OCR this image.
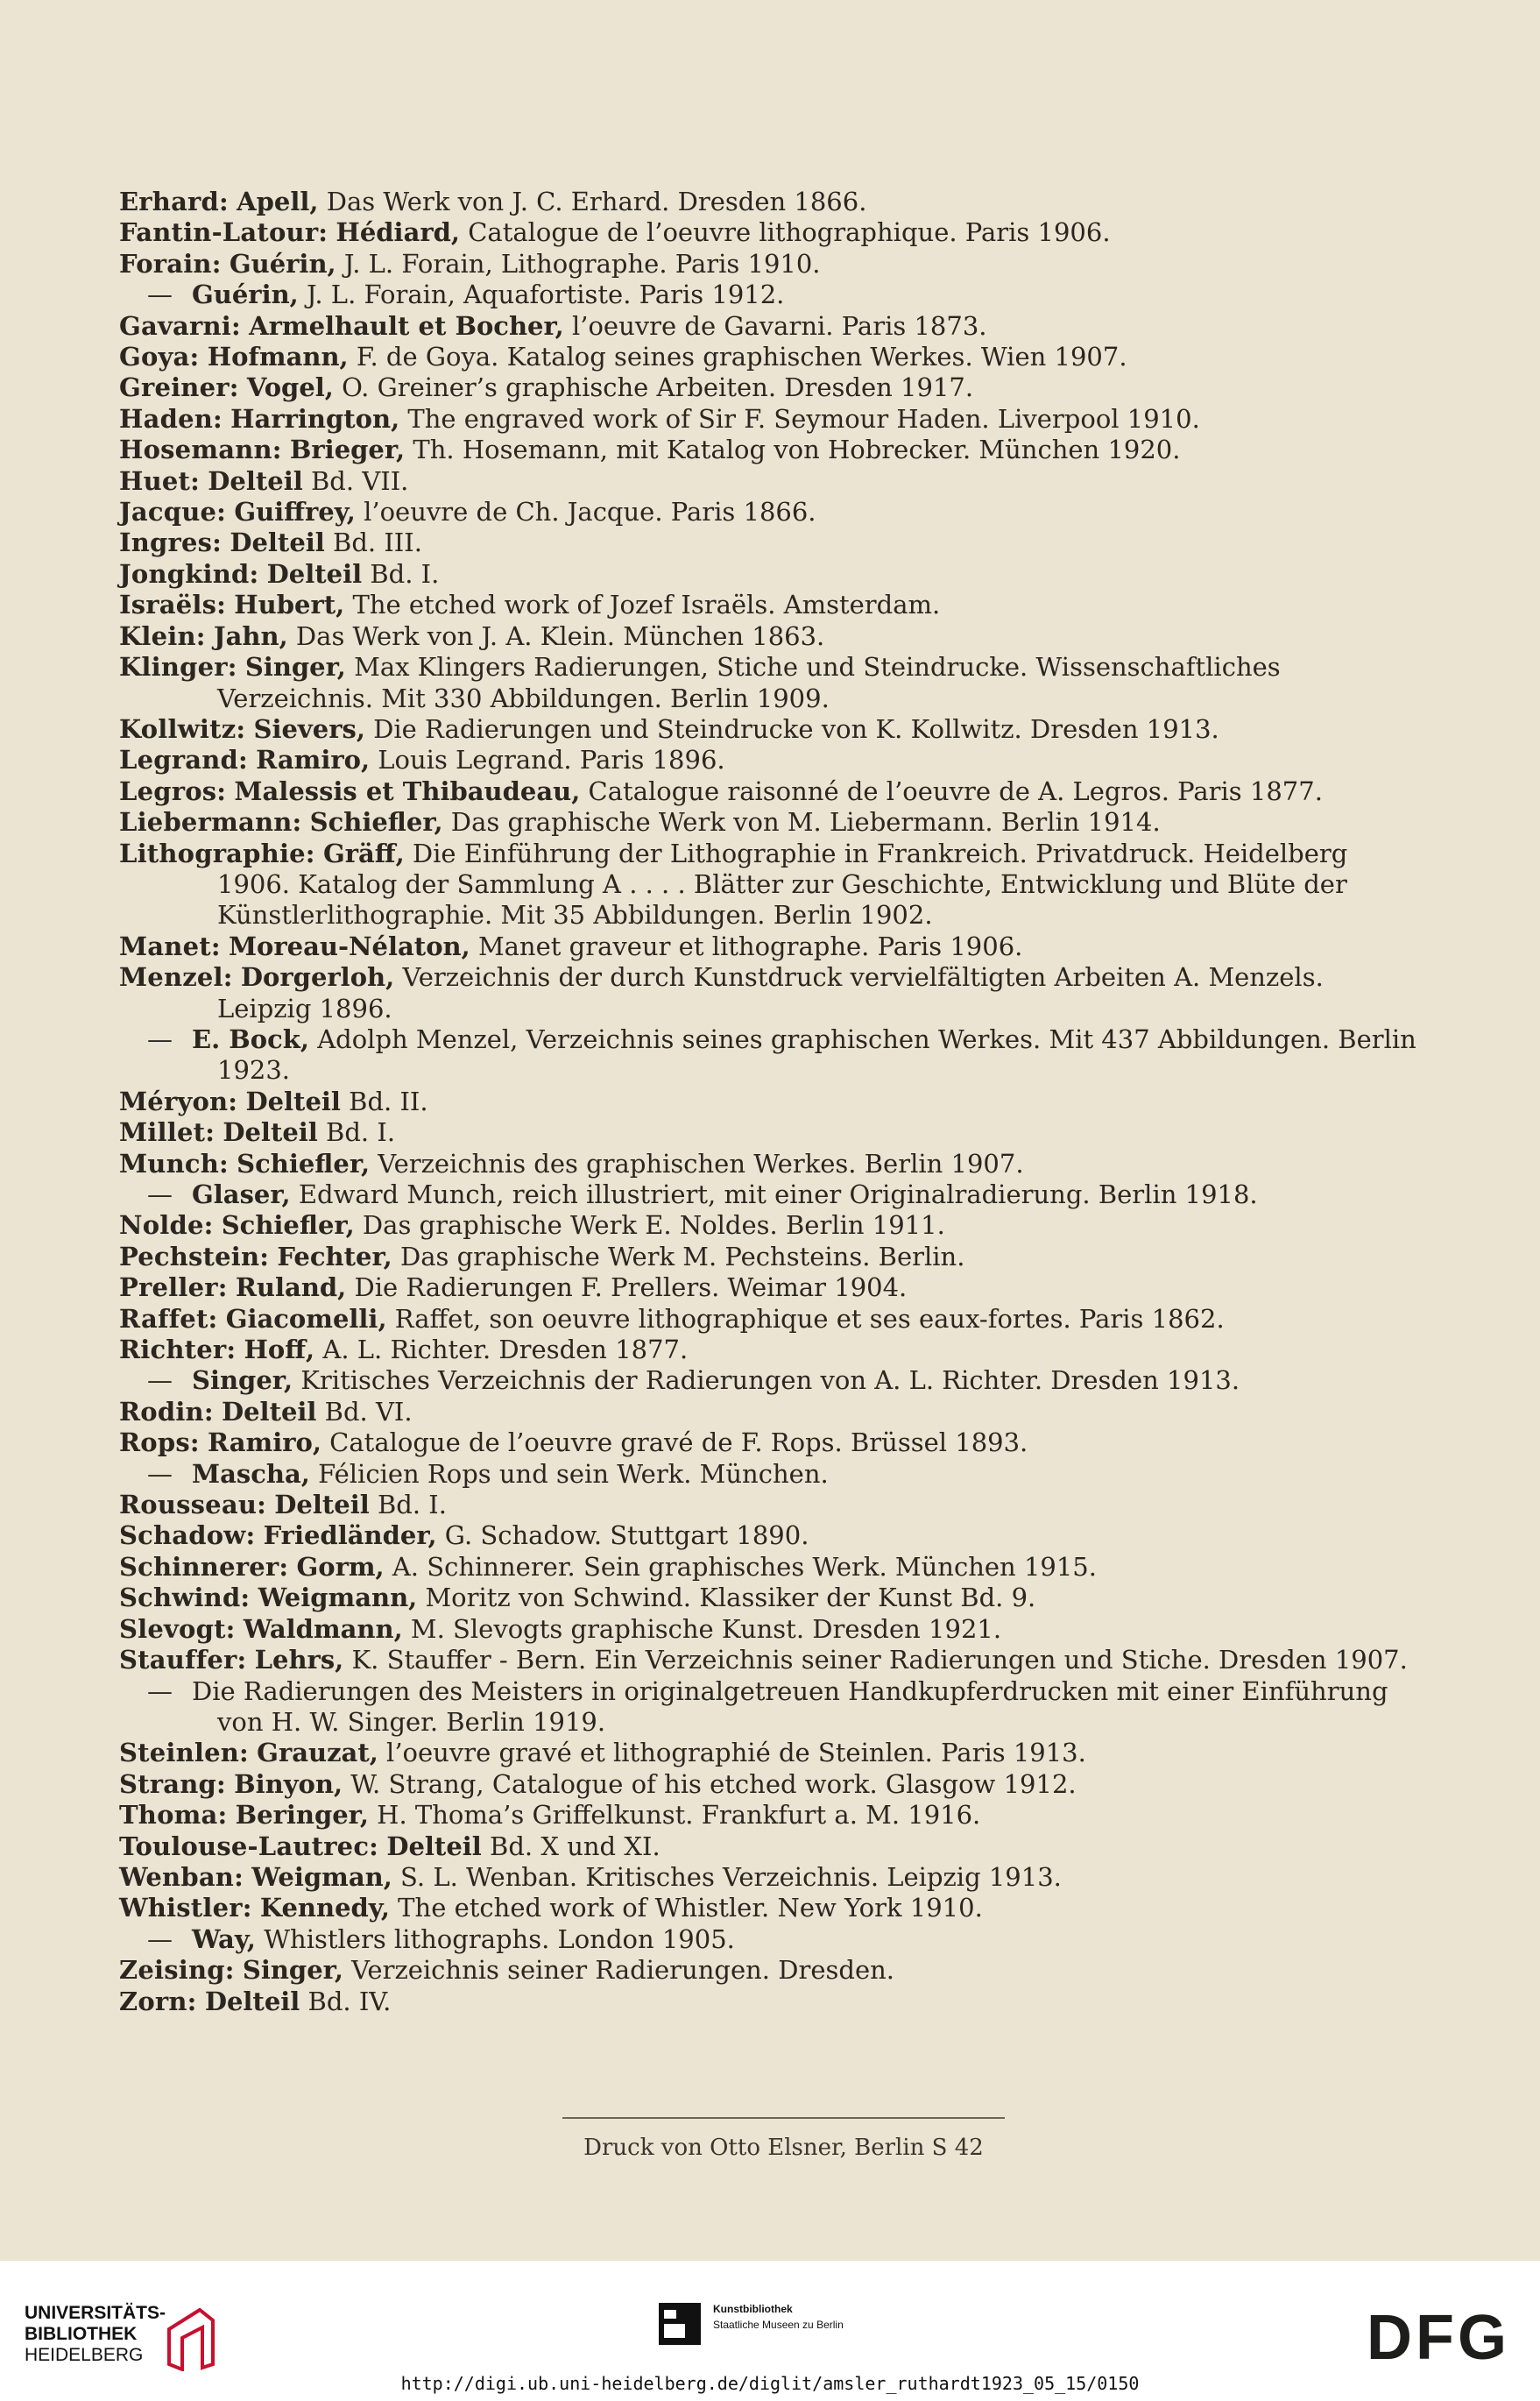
Erhard: Apell, Das Werk von J. C. Erhard. Dresden 1866.
Fantin-Latour: Hédiard, Catalogue de l’oeuvre lithographique. Paris 1906.
Forain: Guérin, J. L. Forain, Lithographe. Paris 1910.
— Guérin, J. L. Forain, Aquafortiste. Paris 1912.
Gavarni: Armelhault et Bocher, l’oeuvre de Gavarni. Paris 1873.
Goya: Hofmann, F. de Goya. Katalog seines graphischen Werkes. Wien 1907.
Greiner: Vogel, O. Greiner’s graphische Arbeiten. Dresden 1917.
Haden: Harrington, The engraved work of Sir F. Seymour Haden. Liverpool 1910.
Hosemann: Brieger, Th. Hosemann, mit Katalog von Hobrecker. München 1920.
Huet: Delteil Bd. VII.
Jacque: Guiffrey, l’oeuvre de Ch. Jacque. Paris 1866.
Ingres: Delteil Bd. III.
Jongkind: Delteil Bd. I.
Israëls: Hubert, The etched work of Jozef Israëls. Amsterdam.
Klein: Jahn, Das Werk von J. A. Klein. München 1863.
Klinger: Singer, Max Klingers Radierungen, Stiche und Steindrucke. Wissenschaftliches Verzeichnis. Mit 330 Abbildungen. Berlin 1909.
Kollwitz: Sievers, Die Radierungen und Steindrucke von K. Kollwitz. Dresden 1913.
Legrand: Ramiro, Louis Legrand. Paris 1896.
Legros: Malessis et Thibaudeau, Catalogue raisonné de l’oeuvre de A. Legros. Paris 1877.
Liebermann: Schiefler, Das graphische Werk von M. Liebermann. Berlin 1914.
Lithographie: Gräff, Die Einführung der Lithographie in Frankreich. Privatdruck. Heidelberg 1906. Katalog der Sammlung A . . . . Blätter zur Geschichte, Entwicklung und Blüte der Künstlerlithographie. Mit 35 Abbildungen. Berlin 1902.
Manet: Moreau-Nélaton, Manet graveur et lithographe. Paris 1906.
Menzel: Dorgerloh, Verzeichnis der durch Kunstdruck vervielfältigten Arbeiten A. Menzels. Leipzig 1896.
— E. Bock, Adolph Menzel, Verzeichnis seines graphischen Werkes. Mit 437 Abbildungen. Berlin 1923.
Méryon: Delteil Bd. II.
Millet: Delteil Bd. I.
Munch: Schiefler, Verzeichnis des graphischen Werkes. Berlin 1907.
— Glaser, Edward Munch, reich illustriert, mit einer Originalradierung. Berlin 1918.
Nolde: Schiefler, Das graphische Werk E. Noldes. Berlin 1911.
Pechstein: Fechter, Das graphische Werk M. Pechsteins. Berlin.
Preller: Ruland, Die Radierungen F. Prellers. Weimar 1904.
Raffet: Giacomelli, Raffet, son oeuvre lithographique et ses eaux-fortes. Paris 1862.
Richter: Hoff, A. L. Richter. Dresden 1877.
— Singer, Kritisches Verzeichnis der Radierungen von A. L. Richter. Dresden 1913.
Rodin: Delteil Bd. VI.
Rops: Ramiro, Catalogue de l’oeuvre gravé de F. Rops. Brüssel 1893.
— Mascha, Félicien Rops und sein Werk. München.
Rousseau: Delteil Bd. I.
Schadow: Friedländer, G. Schadow. Stuttgart 1890.
Schinnerer: Gorm, A. Schinnerer. Sein graphisches Werk. München 1915.
Schwind: Weigmann, Moritz von Schwind. Klassiker der Kunst Bd. 9.
Slevogt: Waldmann, M. Slevogts graphische Kunst. Dresden 1921.
Stauffer: Lehrs, K. Stauffer - Bern. Ein Verzeichnis seiner Radierungen und Stiche. Dresden 1907.
— Die Radierungen des Meisters in originalgetreuen Handkupferdrucken mit einer Einführung von H. W. Singer. Berlin 1919.
Steinlen: Grauzat, l’oeuvre gravé et lithographié de Steinlen. Paris 1913.
Strang: Binyon, W. Strang, Catalogue of his etched work. Glasgow 1912.
Thoma: Beringer, H. Thoma’s Griffelkunst. Frankfurt a. M. 1916.
Toulouse-Lautrec: Delteil Bd. X und XI.
Wenban: Weigman, S. L. Wenban. Kritisches Verzeichnis. Leipzig 1913.
Whistler: Kennedy, The etched work of Whistler. New York 1910.
— Way, Whistlers lithographs. London 1905.
Zeising: Singer, Verzeichnis seiner Radierungen. Dresden.
Zorn: Delteil Bd. IV.
Druck von Otto Elsner, Berlin S 42
UNIVERSITÄTS-
BIBLIOTHEK
HEIDELBERG
Kunstbibliothek
Staatliche Museen zu Berlin	DFG
http://digi.ub.uni-heidelberg.de/diglit/amsler_ruthardt1923_05_15/0150
